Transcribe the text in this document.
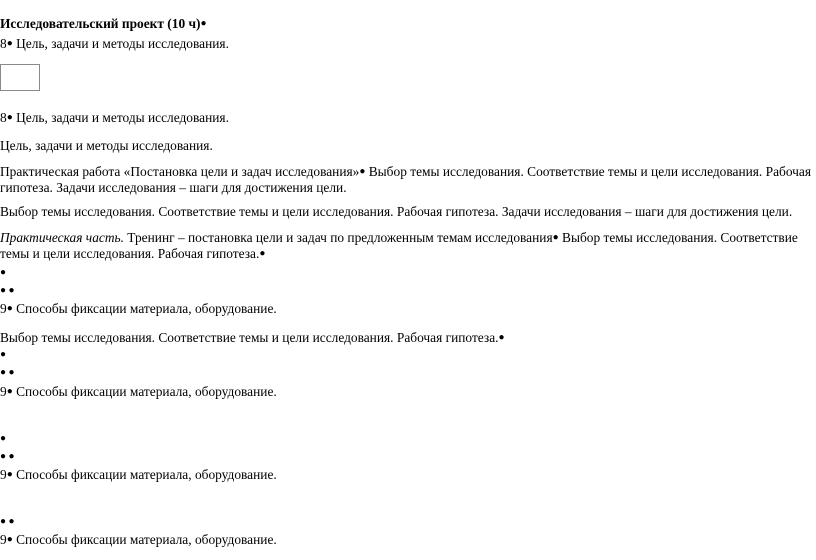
Исследовательский проект (10 ч)●
8● Цель, задачи и методы исследования.
8● Цель, задачи и методы исследования.
Цель, задачи и методы исследования.
Практическая работа «Постановка цели и задач исследования»● Выбор темы исследования. Соответствие темы и цели исследования. Рабочая гипотеза. Задачи исследования – шаги для достижения цели.
Выбор темы исследования. Соответствие темы и цели исследования. Рабочая гипотеза. Задачи исследования – шаги для достижения цели.
Практическая часть. Тренинг – постановка цели и задач по предложенным темам исследования● Выбор темы исследования. Соответствие темы и цели исследования. Рабочая гипотеза.●
●
● ●
9● Способы фиксации материала, оборудование.
Выбор темы исследования. Соответствие темы и цели исследования. Рабочая гипотеза.●
●
● ●
9● Способы фиксации материала, оборудование.
●
● ●
9● Способы фиксации материала, оборудование.
● ●
9● Способы фиксации материала, оборудование.
